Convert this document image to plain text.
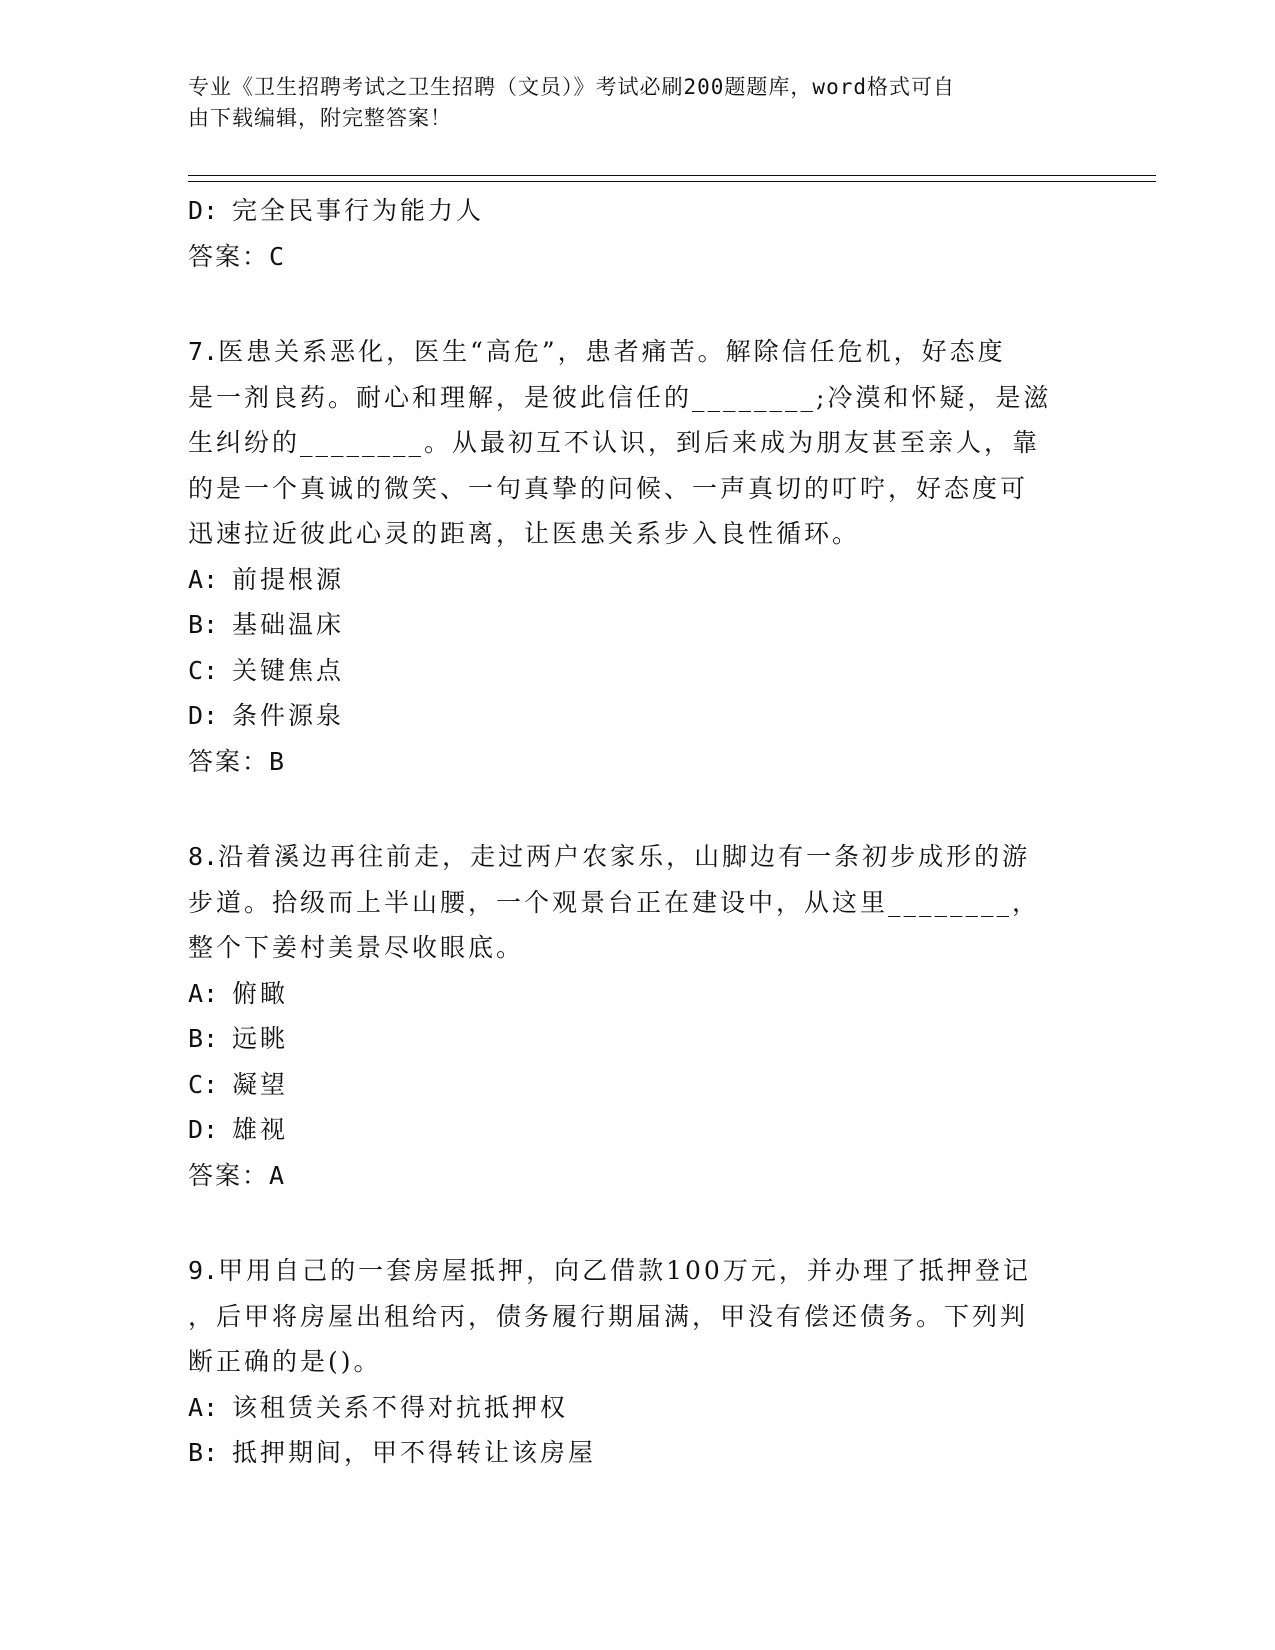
专业《卫生招聘考试之卫生招聘（文员）》考试必刷200题题库，word格式可自
由下载编辑，附完整答案！
D: 完全民事行为能力人
答案：C
7.医患关系恶化，医生“高危”，患者痛苦。解除信任危机，好态度
是一剂良药。耐心和理解，是彼此信任的________;冷漠和怀疑，是滋
生纠纷的________。从最初互不认识，到后来成为朋友甚至亲人，靠
的是一个真诚的微笑、一句真挚的问候、一声真切的叮咛，好态度可
迅速拉近彼此心灵的距离，让医患关系步入良性循环。
A: 前提根源
B: 基础温床
C: 关键焦点
D: 条件源泉
答案：B
8.沿着溪边再往前走，走过两户农家乐，山脚边有一条初步成形的游
步道。拾级而上半山腰，一个观景台正在建设中，从这里________，
整个下姜村美景尽收眼底。
A: 俯瞰
B: 远眺
C: 凝望
D: 雄视
答案：A
9.甲用自己的一套房屋抵押，向乙借款100万元，并办理了抵押登记
，后甲将房屋出租给丙，债务履行期届满，甲没有偿还债务。下列判
断正确的是()。
A: 该租赁关系不得对抗抵押权
B: 抵押期间，甲不得转让该房屋
